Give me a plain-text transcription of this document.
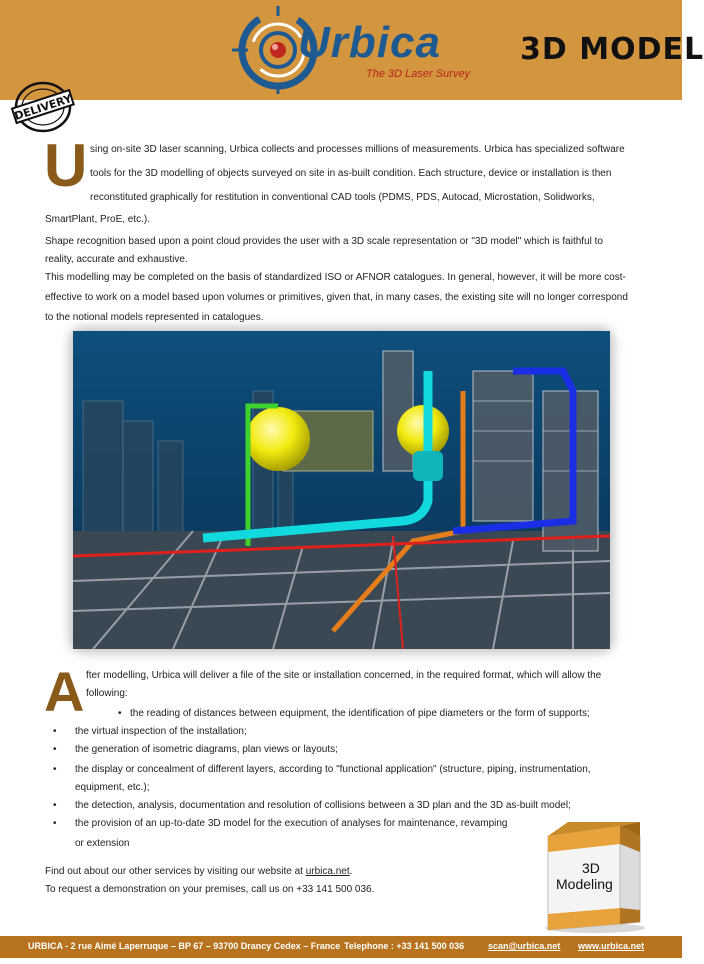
Urbica
The 3D Laser Survey
3D MODEL
DELIVERY
U sing on-site 3D laser scanning, Urbica collects and processes millions of measurements. Urbica has specialized software
tools for the 3D modelling of objects surveyed on site in as-built condition. Each structure, device or installation is then
reconstituted graphically for restitution in conventional CAD tools (PDMS, PDS, Autocad, Microstation, Solidworks,
SmartPlant, ProE, etc.).
Shape recognition based upon a point cloud provides the user with a 3D scale representation or "3D model" which is faithful to
reality, accurate and exhaustive.
This modelling may be completed on the basis of standardized ISO or AFNOR catalogues. In general, however, it will be more cost-
effective to work on a model based upon volumes or primitives, given that, in many cases, the existing site will no longer correspond
to the notional models represented in catalogues.
A fter modelling, Urbica will deliver a file of the site or installation concerned, in the required format, which will allow the
following:
• the reading of distances between equipment, the identification of pipe diameters or the form of supports;
• the virtual inspection of the installation;
• the generation of isometric diagrams, plan views or layouts;
• the display or concealment of different layers, according to "functional application" (structure, piping, instrumentation,
equipment, etc.);
• the detection, analysis, documentation and resolution of collisions between a 3D plan and the 3D as-built model;
• the provision of an up-to-date 3D model for the execution of analyses for maintenance, revamping
or extension
Find out about our other services by visiting our website at urbica.net.
To request a demonstration on your premises, call us on +33 141 500 036.
3D
Modeling
URBICA - 2 rue Aimé Laperruque – BP 67 – 93700 Drancy Cedex – France Telephone : +33 141 500 036	scan@urbica.net www.urbica.net
